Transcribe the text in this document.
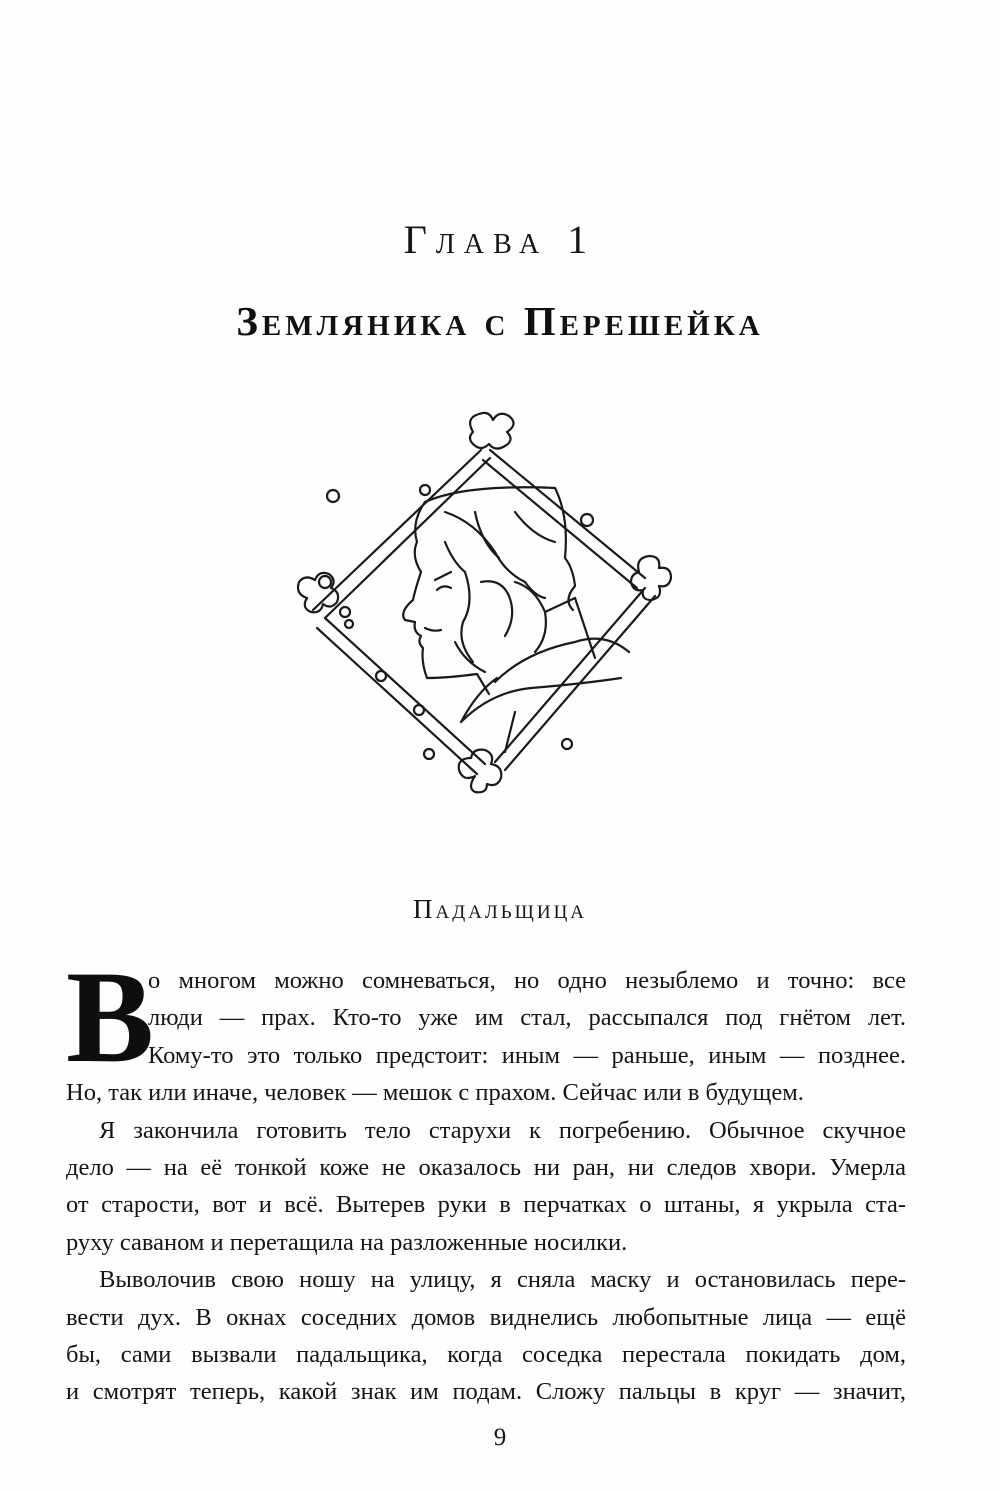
Глава 1
Земляника с Перешейка
Падальщица
В
о многом можно сомневаться, но одно незыблемо и точно: все
люди — прах. Кто-то уже им стал, рассыпался под гнётом лет.
Кому-то это только предстоит: иным — раньше, иным — позднее.
Но, так или иначе, человек — мешок с прахом. Сейчас или в будущем.
Я закончила готовить тело старухи к погребению. Обычное скучное
дело — на её тонкой коже не оказалось ни ран, ни следов хвори. Умерла
от старости, вот и всё. Вытерев руки в перчатках о штаны, я укрыла ста-
руху саваном и перетащила на разложенные носилки.
Выволочив свою ношу на улицу, я сняла маску и остановилась пере-
вести дух. В окнах соседних домов виднелись любопытные лица — ещё
бы, сами вызвали падальщика, когда соседка перестала покидать дом,
и смотрят теперь, какой знак им подам. Сложу пальцы в круг — значит,
9
